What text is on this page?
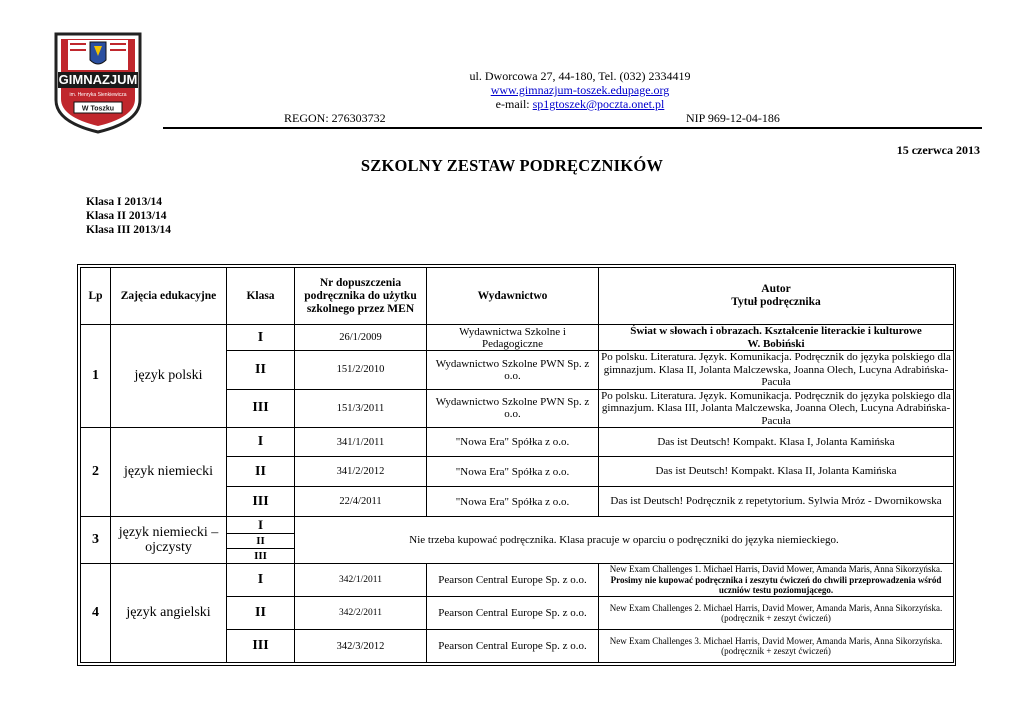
GIMNAZJUM
im. Henryka Sienkiewicza
W Toszku
ul. Dworcowa 27, 44-180, Tel. (032) 2334419
www.gimnazjum-toszek.edupage.org
e-mail: sp1gtoszek@poczta.onet.pl
REGON: 276303732	NIP 969-12-04-186
15 czerwca 2013
SZKOLNY ZESTAW PODRĘCZNIKÓW
Klasa I 2013/14
Klasa II 2013/14
Klasa III 2013/14
Lp	Zajęcia edukacyjne	Klasa	Nr dopuszczenia podręcznika do użytku szkolnego przez MEN	Wydawnictwo	Autor
Tytuł podręcznika

1	język polski	I	26/1/2009	Wydawnictwa Szkolne i Pedagogiczne	Świat w słowach i obrazach. Kształcenie literackie i kulturowe
W. Bobiński

		II	151/2/2010	Wydawnictwo Szkolne PWN Sp. z o.o.	Po polsku. Literatura. Język. Komunikacja. Podręcznik do języka polskiego dla gimnazjum. Klasa II, Jolanta Malczewska, Joanna Olech, Lucyna Adrabińska-Pacuła
		III	151/3/2011	Wydawnictwo Szkolne PWN Sp. z o.o.	Po polsku. Literatura. Język. Komunikacja. Podręcznik do języka polskiego dla gimnazjum. Klasa III, Jolanta Malczewska, Joanna Olech, Lucyna Adrabińska-Pacuła
2	język niemiecki	I	341/1/2011	"Nowa Era" Spółka z o.o.	Das ist Deutsch! Kompakt. Klasa I, Jolanta Kamińska
		II	341/2/2012	"Nowa Era" Spółka z o.o.	Das ist Deutsch! Kompakt. Klasa II, Jolanta Kamińska
		III	22/4/2011	"Nowa Era" Spółka z o.o.	Das ist Deutsch! Podręcznik z repetytorium. Sylwia Mróz - Dwornikowska
3	język niemiecki – ojczysty	I	Nie trzeba kupować podręcznika. Klasa pracuje w oparciu o podręczniki do języka niemieckiego.		
		II			
		III			
4	język angielski	I	342/1/2011	Pearson Central Europe Sp. z o.o.	New Exam Challenges 1. Michael Harris, David Mower, Amanda Maris, Anna Sikorzyńska. Prosimy nie kupować podręcznika i zeszytu ćwiczeń do chwili przeprowadzenia wśród uczniów testu poziomującego.
		II	342/2/2011	Pearson Central Europe Sp. z o.o.	New Exam Challenges 2. Michael Harris, David Mower, Amanda Maris, Anna Sikorzyńska. (podręcznik + zeszyt ćwiczeń)
		III	342/3/2012	Pearson Central Europe Sp. z o.o.	New Exam Challenges 3. Michael Harris, David Mower, Amanda Maris, Anna Sikorzyńska. (podręcznik + zeszyt ćwiczeń)
